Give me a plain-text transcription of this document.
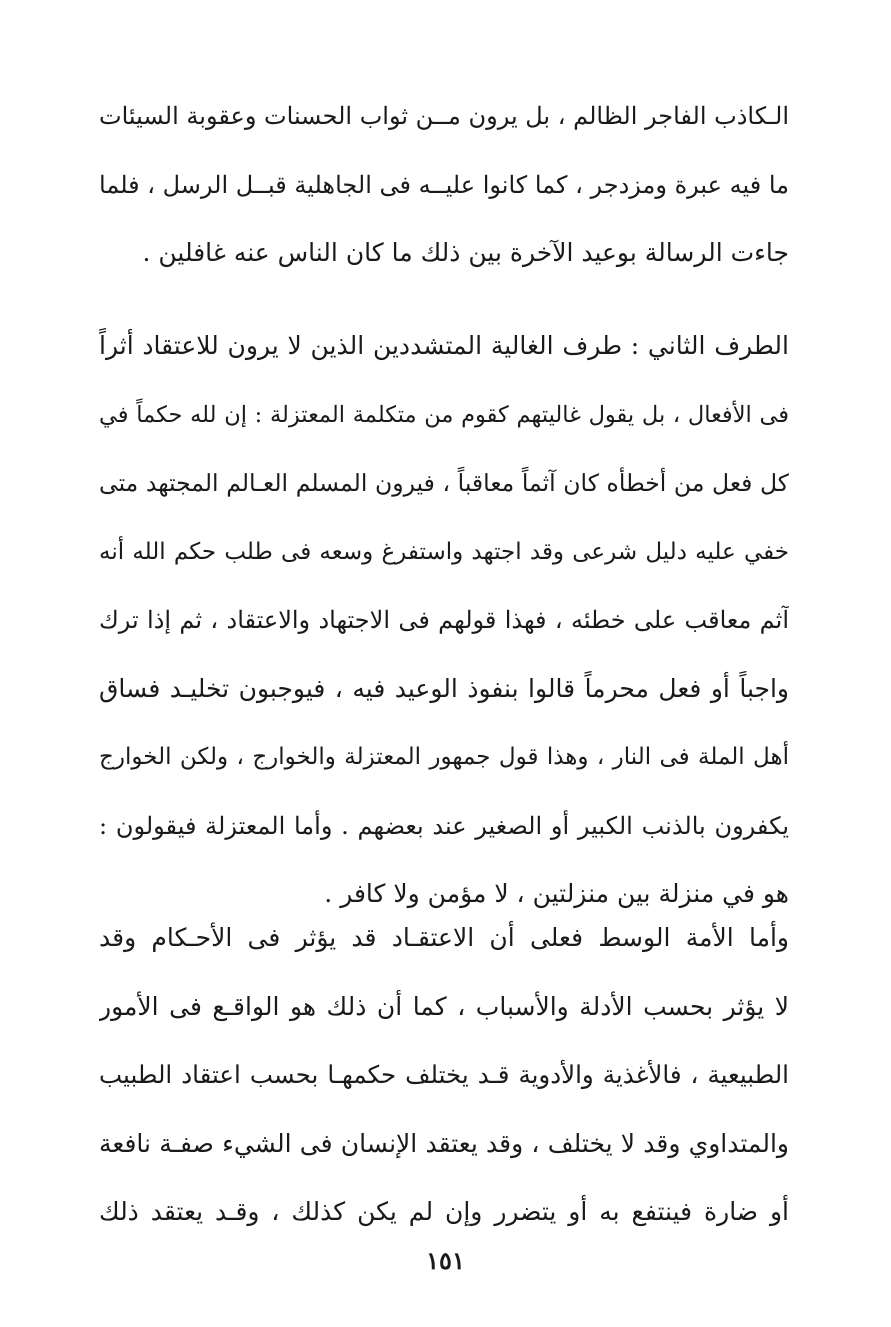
الـكاذب الفاجر الظالم ، بل يرون مــن ثواب الحسنات وعقوبة السيئات
ما فيه عبرة ومزدجر ، كما كانوا عليــه فى الجاهلية قبــل الرسل ، فلما
جاءت الرسالة بوعيد الآخرة بين ذلك ما كان الناس عنه غافلين .
الطرف الثاني : طرف الغالية المتشددين الذين لا يرون للاعتقاد أثراً
فى الأفعال ، بل يقول غاليتهم كقوم من متكلمة المعتزلة : إن لله حكماً في
كل فعل من أخطأه كان آثماً معاقباً ، فيرون المسلم العـالم المجتهد متى
خفي عليه دليل شرعى وقد اجتهد واستفرغ وسعه فى طلب حكم الله أنه
آثم معاقب على خطئه ، فهذا قولهم فى الاجتهاد والاعتقاد ، ثم إذا ترك
واجباً أو فعل محرماً قالوا بنفوذ الوعيد فيه ، فيوجبون تخليـد فساق
أهل الملة فى النار ، وهذا قول جمهور المعتزلة والخوارج ، ولكن الخوارج
يكفرون بالذنب الكبير أو الصغير عند بعضهم . وأما المعتزلة فيقولون :
هو في منزلة بين منزلتين ، لا مؤمن ولا كافر .
وأما الأمة الوسط فعلى أن الاعتقـاد قد يؤثر فى الأحـكام وقد
لا يؤثر بحسب الأدلة والأسباب ، كما أن ذلك هو الواقـع فى الأمور
الطبيعية ، فالأغذية والأدوية قـد يختلف حكمهـا بحسب اعتقاد الطبيب
والمتداوي وقد لا يختلف ، وقد يعتقد الإنسان فى الشيء صفـة نافعة
أو ضارة فينتفع به أو يتضرر وإن لم يكن كذلك ، وقـد يعتقد ذلك
١٥١
